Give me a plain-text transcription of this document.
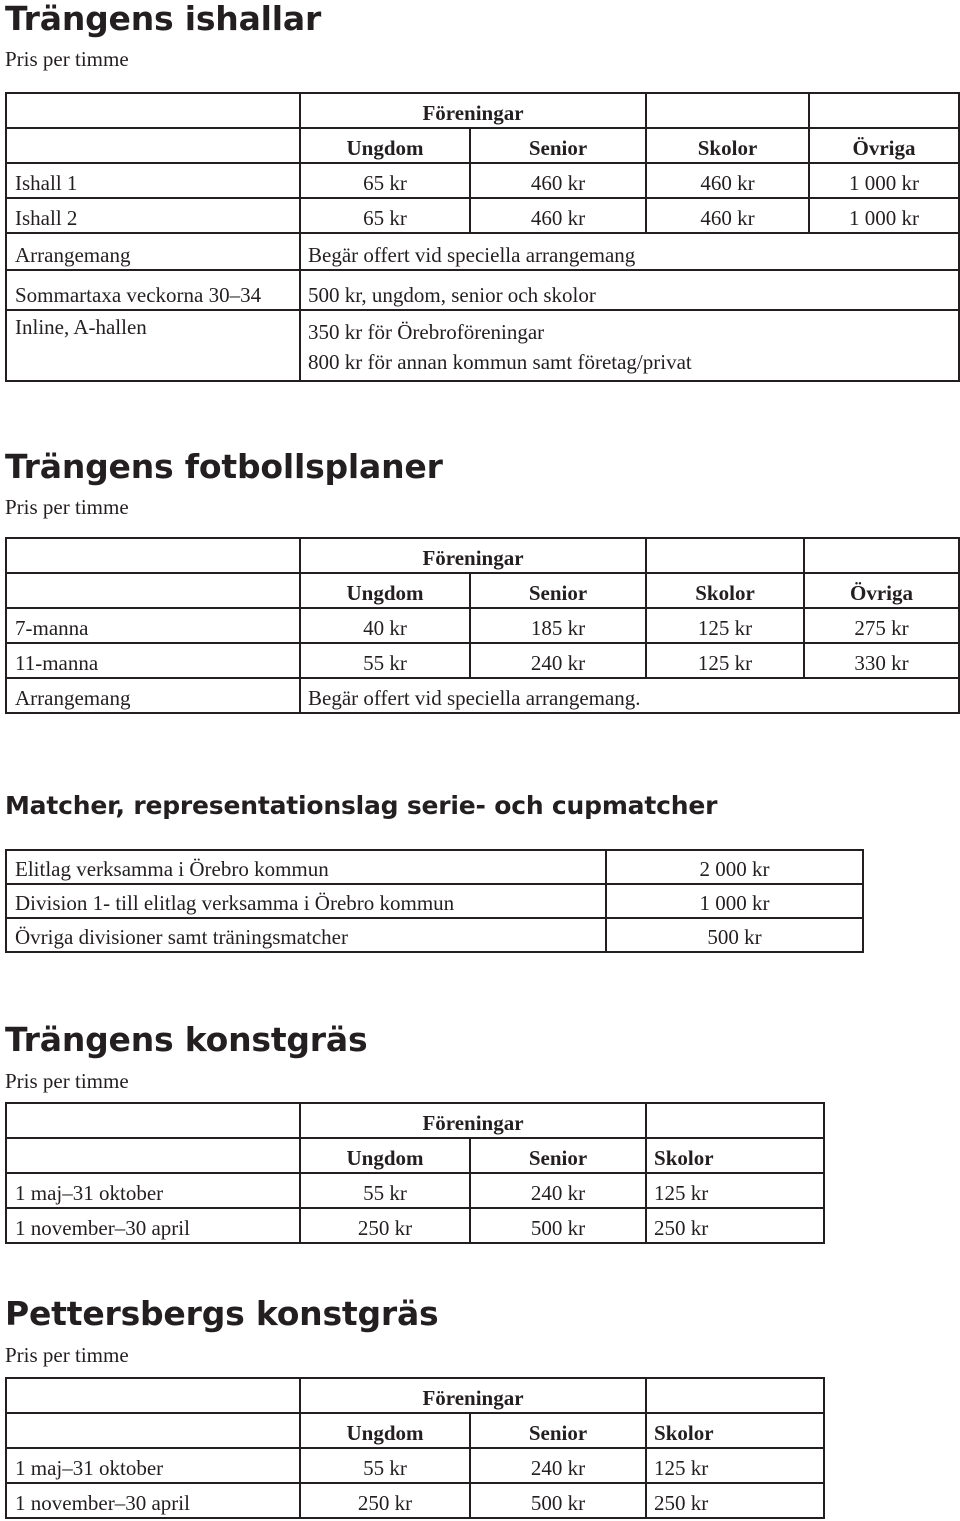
Trängens ishallar
Pris per timme
	Föreningar			
	Ungdom	Senior	Skolor	Övriga
Ishall 1	65 kr	460 kr	460 kr	1 000 kr
Ishall 2	65 kr	460 kr	460 kr	1 000 kr
Arrangemang	Begär offert vid speciella arrangemang			
Sommartaxa veckorna 30–34	500 kr, ungdom, senior och skolor			
Inline, A-hallen	350 kr för Örebroföreningar
800 kr för annan kommun samt företag/privat			
Trängens fotbollsplaner
Pris per timme
	Föreningar			
	Ungdom	Senior	Skolor	Övriga
7-manna	40 kr	185 kr	125 kr	275 kr
11-manna	55 kr	240 kr	125 kr	330 kr
Arrangemang	Begär offert vid speciella arrangemang.			
Matcher, representationslag serie- och cupmatcher
Elitlag verksamma i Örebro kommun	2 000 kr
Division 1- till elitlag verksamma i Örebro kommun	1 000 kr
Övriga divisioner samt träningsmatcher	500 kr
Trängens konstgräs
Pris per timme
	Föreningar		
	Ungdom	Senior	Skolor
1 maj–31 oktober	55 kr	240 kr	125 kr
1 november–30 april	250 kr	500 kr	250 kr
Pettersbergs konstgräs
Pris per timme
	Föreningar		
	Ungdom	Senior	Skolor
1 maj–31 oktober	55 kr	240 kr	125 kr
1 november–30 april	250 kr	500 kr	250 kr
